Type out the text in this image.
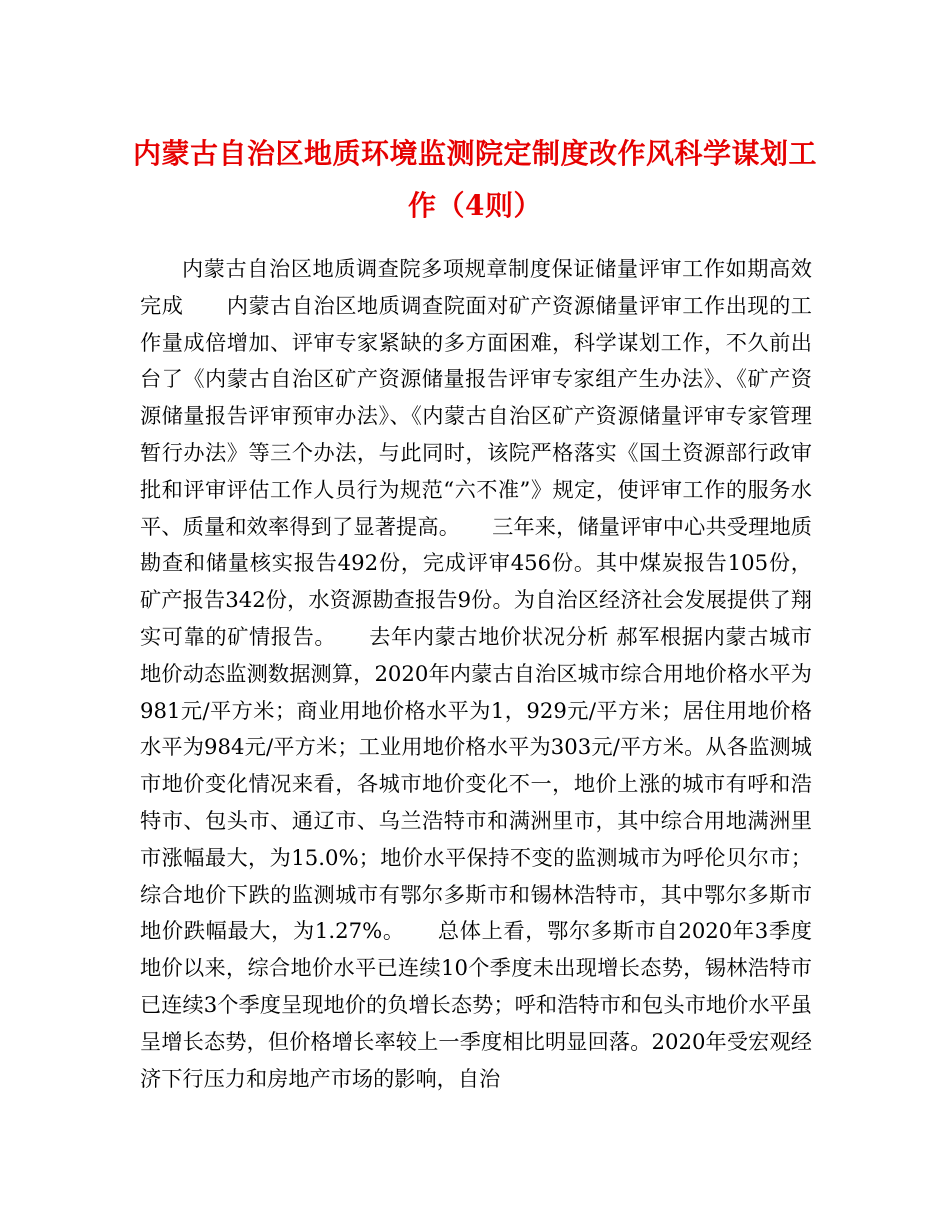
内蒙古自治区地质环境监测院定制度改作风科学谋划工作（4则）

内蒙古自治区地质调查院多项规章制度保证储量评审工作如期高效完成　　内蒙古自治区地质调查院面对矿产资源储量评审工作出现的工作量成倍增加、评审专家紧缺的多方面困难，科学谋划工作，不久前出台了《内蒙古自治区矿产资源储量报告评审专家组产生办法》、《矿产资源储量报告评审预审办法》、《内蒙古自治区矿产资源储量评审专家管理暂行办法》等三个办法，与此同时，该院严格落实《国土资源部行政审批和评审评估工作人员行为规范“六不准”》规定，使评审工作的服务水平、质量和效率得到了显著提高。　　三年来，储量评审中心共受理地质勘查和储量核实报告492份，完成评审456份。其中煤炭报告105份，矿产报告342份，水资源勘查报告9份。为自治区经济社会发展提供了翔实可靠的矿情报告。　　去年内蒙古地价状况分析 郝军根据内蒙古城市地价动态监测数据测算，2020年内蒙古自治区城市综合用地价格水平为981元/平方米；商业用地价格水平为1，929元/平方米；居住用地价格水平为984元/平方米；工业用地价格水平为303元/平方米。从各监测城市地价变化情况来看，各城市地价变化不一，地价上涨的城市有呼和浩特市、包头市、通辽市、乌兰浩特市和满洲里市，其中综合用地满洲里市涨幅最大，为15.0%；地价水平保持不变的监测城市为呼伦贝尔市；综合地价下跌的监测城市有鄂尔多斯市和锡林浩特市，其中鄂尔多斯市地价跌幅最大，为1.27%。　　总体上看，鄂尔多斯市自2020年3季度地价以来，综合地价水平已连续10个季度未出现增长态势，锡林浩特市已连续3个季度呈现地价的负增长态势；呼和浩特市和包头市地价水平虽呈增长态势，但价格增长率较上一季度相比明显回落。2020年受宏观经济下行压力和房地产市场的影响，自治
